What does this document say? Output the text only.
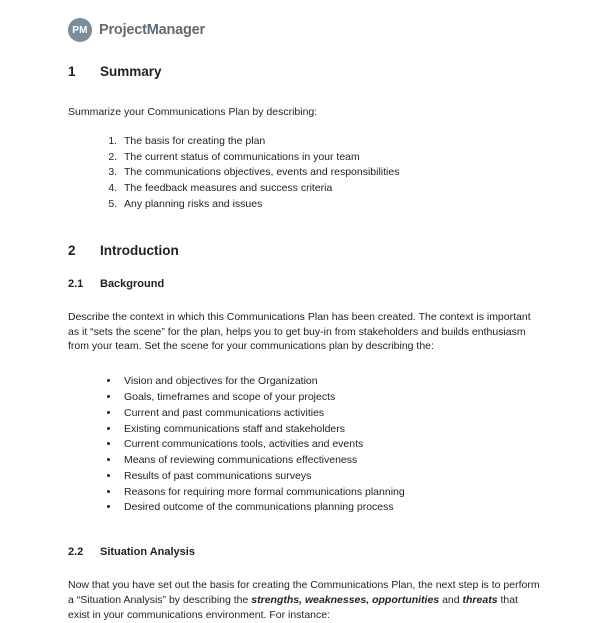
PM ProjectManager
1	Summary

Summarize your Communications Plan by describing:

1. The basis for creating the plan
2. The current status of communications in your team
3. The communications objectives, events and responsibilities
4. The feedback measures and success criteria
5. Any planning risks and issues
2	Introduction
2.1	Background

Describe the context in which this Communications Plan has been created. The context is important as it “sets the scene” for the plan, helps you to get buy-in from stakeholders and builds enthusiasm from your team. Set the scene for your communications plan by describing the:

• Vision and objectives for the Organization
• Goals, timeframes and scope of your projects
• Current and past communications activities
• Existing communications staff and stakeholders
• Current communications tools, activities and events
• Means of reviewing communications effectiveness
• Results of past communications surveys
• Reasons for requiring more formal communications planning
• Desired outcome of the communications planning process
2.2	Situation Analysis

Now that you have set out the basis for creating the Communications Plan, the next step is to perform a “Situation Analysis” by describing the strengths, weaknesses, opportunities and threats that exist in your communications environment. For instance:
